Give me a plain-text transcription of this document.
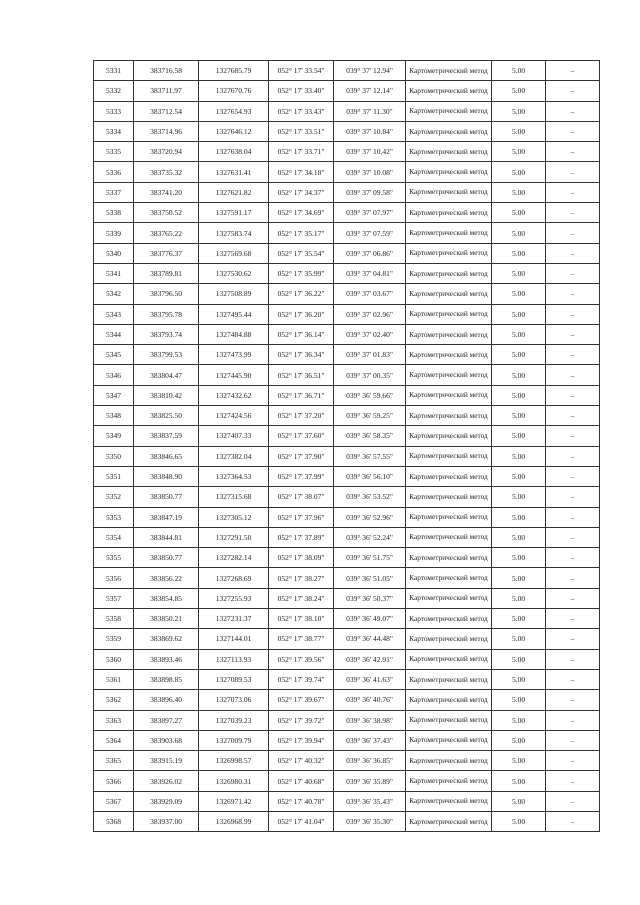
5331	383716.58	1327685.79	052° 17' 33.54"	039° 37' 12.94"	Картометрический метод	5.00	–
5332	383711.97	1327670.76	052° 17' 33.40"	039° 37' 12.14"	Картометрический метод	5.00	–
5333	383712.54	1327654.93	052° 17' 33.43"	039° 37' 11.30"	Картометрический метод	5.00	–
5334	383714.96	1327646.12	052° 17' 33.51"	039° 37' 10.84"	Картометрический метод	5.00	–
5335	383720.94	1327638.04	052° 17' 33.71"	039° 37' 10.42"	Картометрический метод	5.00	–
5336	383735.32	1327631.41	052° 17' 34.18"	039° 37' 10.08"	Картометрический метод	5.00	–
5337	383741.20	1327621.82	052° 17' 34.37"	039° 37' 09.58"	Картометрический метод	5.00	–
5338	383750.52	1327591.17	052° 17' 34.69"	039° 37' 07.97"	Картометрический метод	5.00	–
5339	383765.22	1327583.74	052° 17' 35.17"	039° 37' 07.59"	Картометрический метод	5.00	–
5340	383776.37	1327569.68	052° 17' 35.54"	039° 37' 06.86"	Картометрический метод	5.00	–
5341	383789.81	1327530.62	052° 17' 35.99"	039° 37' 04.81"	Картометрический метод	5.00	–
5342	383796.50	1327508.89	052° 17' 36.22"	039° 37' 03.67"	Картометрический метод	5.00	–
5343	383795.78	1327495.44	052° 17' 36.20"	039° 37' 02.96"	Картометрический метод	5.00	–
5344	383793.74	1327484.88	052° 17' 36.14"	039° 37' 02.40"	Картометрический метод	5.00	–
5345	383799.53	1327473.99	052° 17' 36.34"	039° 37' 01.83"	Картометрический метод	5.00	–
5346	383804.47	1327445.90	052° 17' 36.51"	039° 37' 00.35"	Картометрический метод	5.00	–
5347	383810.42	1327432.62	052° 17' 36.71"	039° 36' 59.66"	Картометрический метод	5.00	–
5348	383825.50	1327424.56	052° 17' 37.20"	039° 36' 59.25"	Картометрический метод	5.00	–
5349	383837.59	1327407.33	052° 17' 37.60"	039° 36' 58.35"	Картометрический метод	5.00	–
5350	383846.65	1327382.04	052° 17' 37.90"	039° 36' 57.55"	Картометрический метод	5.00	–
5351	383848.90	1327364.53	052° 17' 37.99"	039° 36' 56.10"	Картометрический метод	5.00	–
5352	383850.77	1327315.68	052° 17' 38.07"	039° 36' 53.52"	Картометрический метод	5.00	–
5353	383847.19	1327305.12	052° 17' 37.96"	039° 36' 52.96"	Картометрический метод	5.00	–
5354	383844.81	1327291.50	052° 17' 37.89"	039° 36' 52.24"	Картометрический метод	5.00	–
5355	383850.77	1327282.14	052° 17' 38.09"	039° 36' 51.75"	Картометрический метод	5.00	–
5356	383856.22	1327268.69	052° 17' 38.27"	039° 36' 51.05"	Картометрический метод	5.00	–
5357	383854.85	1327255.93	052° 17' 38.24"	039° 36' 50.37"	Картометрический метод	5.00	–
5358	383850.21	1327231.37	052° 17' 38.10"	039° 36' 49.07"	Картометрический метод	5.00	–
5359	383869.62	1327144.01	052° 17' 38.77"	039° 36' 44.48"	Картометрический метод	5.00	–
5360	383893.46	1327113.93	052° 17' 39.56"	039° 36' 42.91"	Картометрический метод	5.00	–
5361	383898.85	1327089.53	052° 17' 39.74"	039° 36' 41.63"	Картометрический метод	5.00	–
5362	383896.40	1327073.06	052° 17' 39.67"	039° 36' 40.76"	Картометрический метод	5.00	–
5363	383897.27	1327039.23	052° 17' 39.72"	039° 36' 38.98"	Картометрический метод	5.00	–
5364	383903.68	1327009.79	052° 17' 39.94"	039° 36' 37.43"	Картометрический метод	5.00	–
5365	383915.19	1326998.57	052° 17' 40.32"	039° 36' 36.85"	Картометрический метод	5.00	–
5366	383926.02	1326980.31	052° 17' 40.68"	039° 36' 35.89"	Картометрический метод	5.00	–
5367	383929.09	1326971.42	052° 17' 40.78"	039° 36' 35.43"	Картометрический метод	5.00	–
5368	383937.00	1326968.99	052° 17' 41.04"	039° 36' 35.30"	Картометрический метод	5.00	–
